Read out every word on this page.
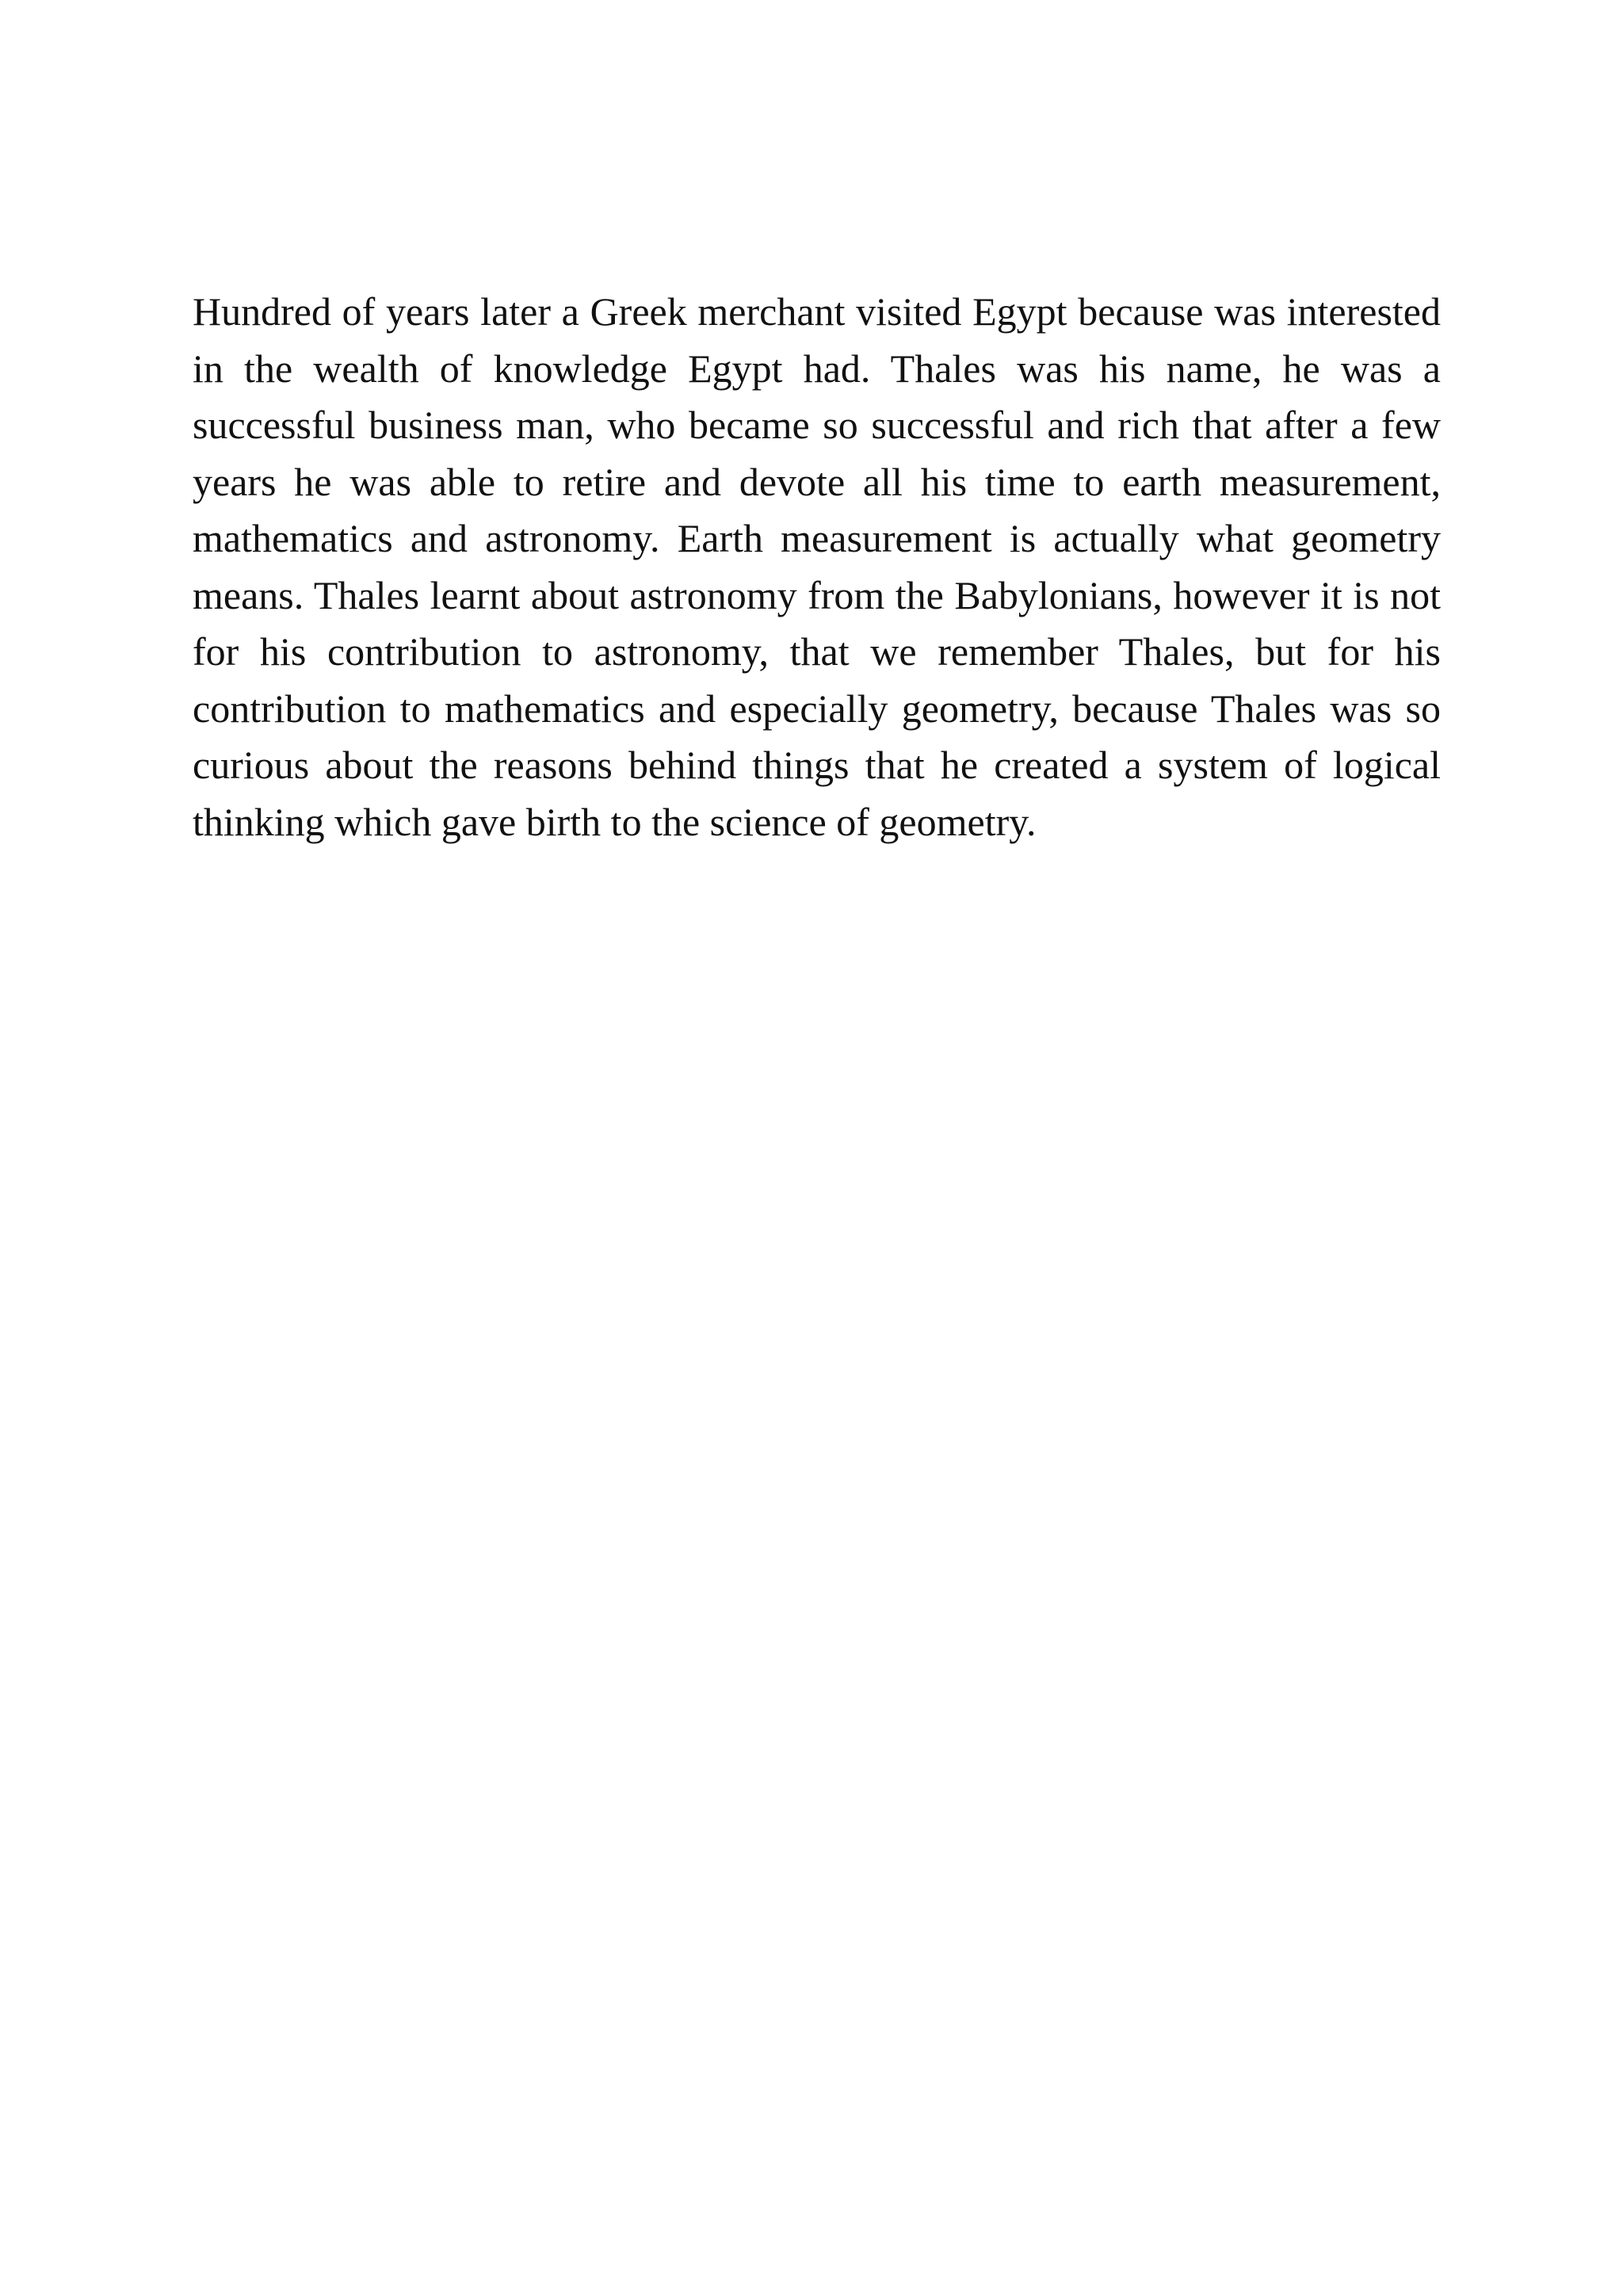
Hundred of years later a Greek merchant visited Egypt because was interested in the wealth of knowledge Egypt had. Thales was his name, he was a successful business man, who became so successful and rich that after a few years he was able to retire and devote all his time to earth measurement, mathematics and astronomy. Earth measurement is actually what geometry means. Thales learnt about astronomy from the Babylonians, however it is not for his contribution to astronomy, that we remember Thales, but for his contribution to mathematics and especially geometry, because Thales was so curious about the reasons behind things that he created a system of logical thinking which gave birth to the science of geometry.
